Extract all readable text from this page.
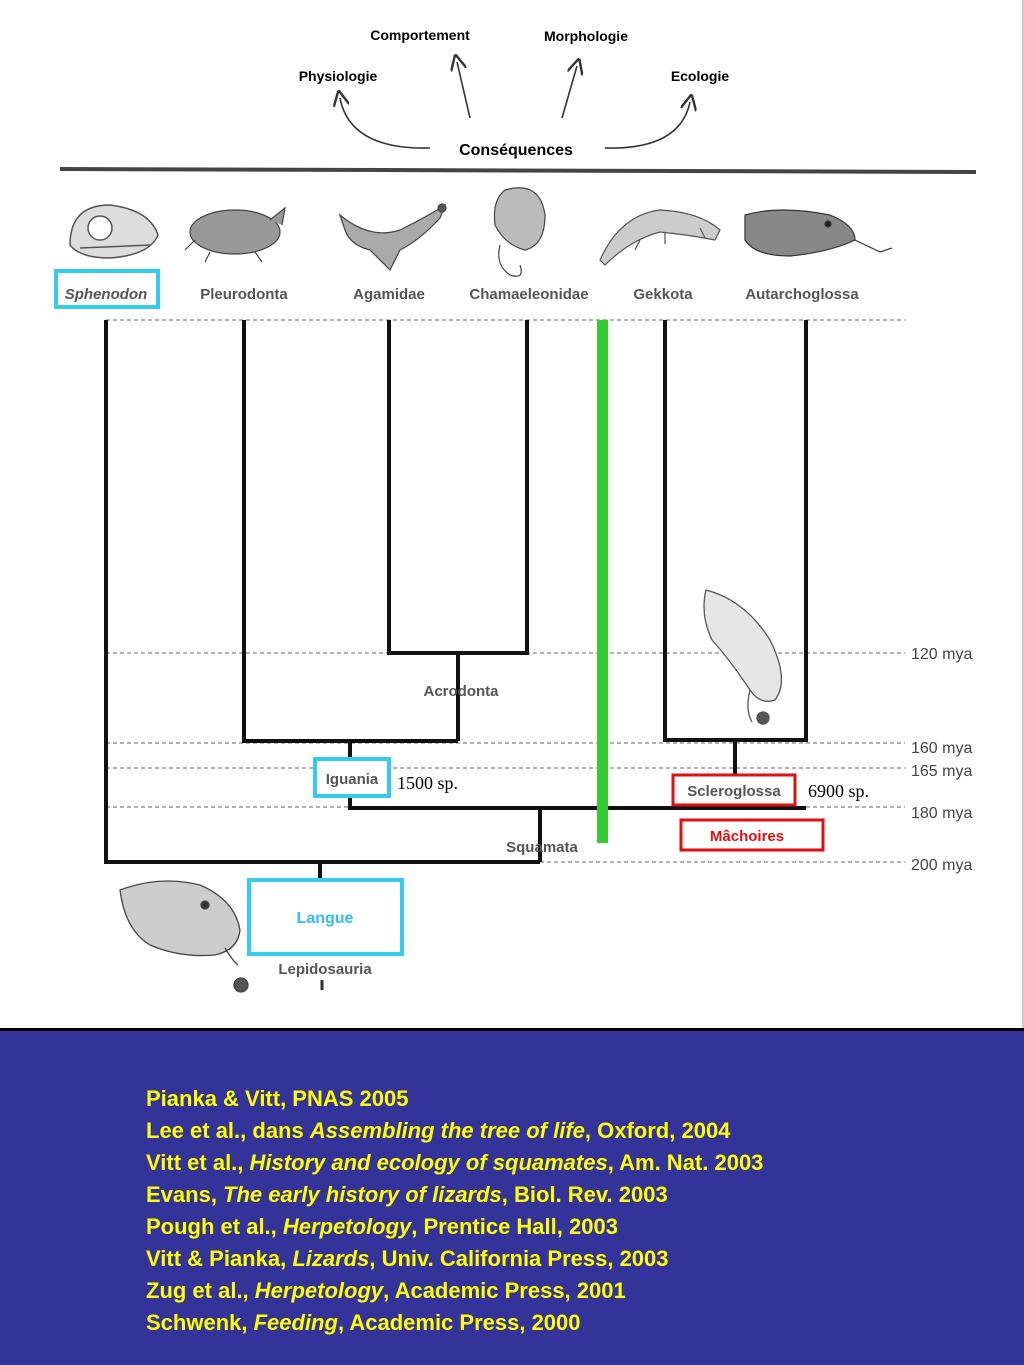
Comportement	Morphologie
Physiologie	Ecologie
Conséquences
Sphenodon	Pleurodonta	Agamidae	Chamaeleonidae	Gekkota	Autarchoglossa
Acrodonta
Iguania 1500 sp.	Scleroglossa 6900 sp.
Mâchoires
Squamata
120 mya
160 mya
165 mya
180 mya
200 mya
Langue
Lepidosauria
Pianka & Vitt, PNAS 2005
Lee et al., dans Assembling the tree of life, Oxford, 2004
Vitt et al., History and ecology of squamates, Am. Nat. 2003
Evans, The early history of lizards, Biol. Rev. 2003
Pough et al., Herpetology, Prentice Hall, 2003
Vitt & Pianka, Lizards, Univ. California Press, 2003
Zug et al., Herpetology, Academic Press, 2001
Schwenk, Feeding, Academic Press, 2000
